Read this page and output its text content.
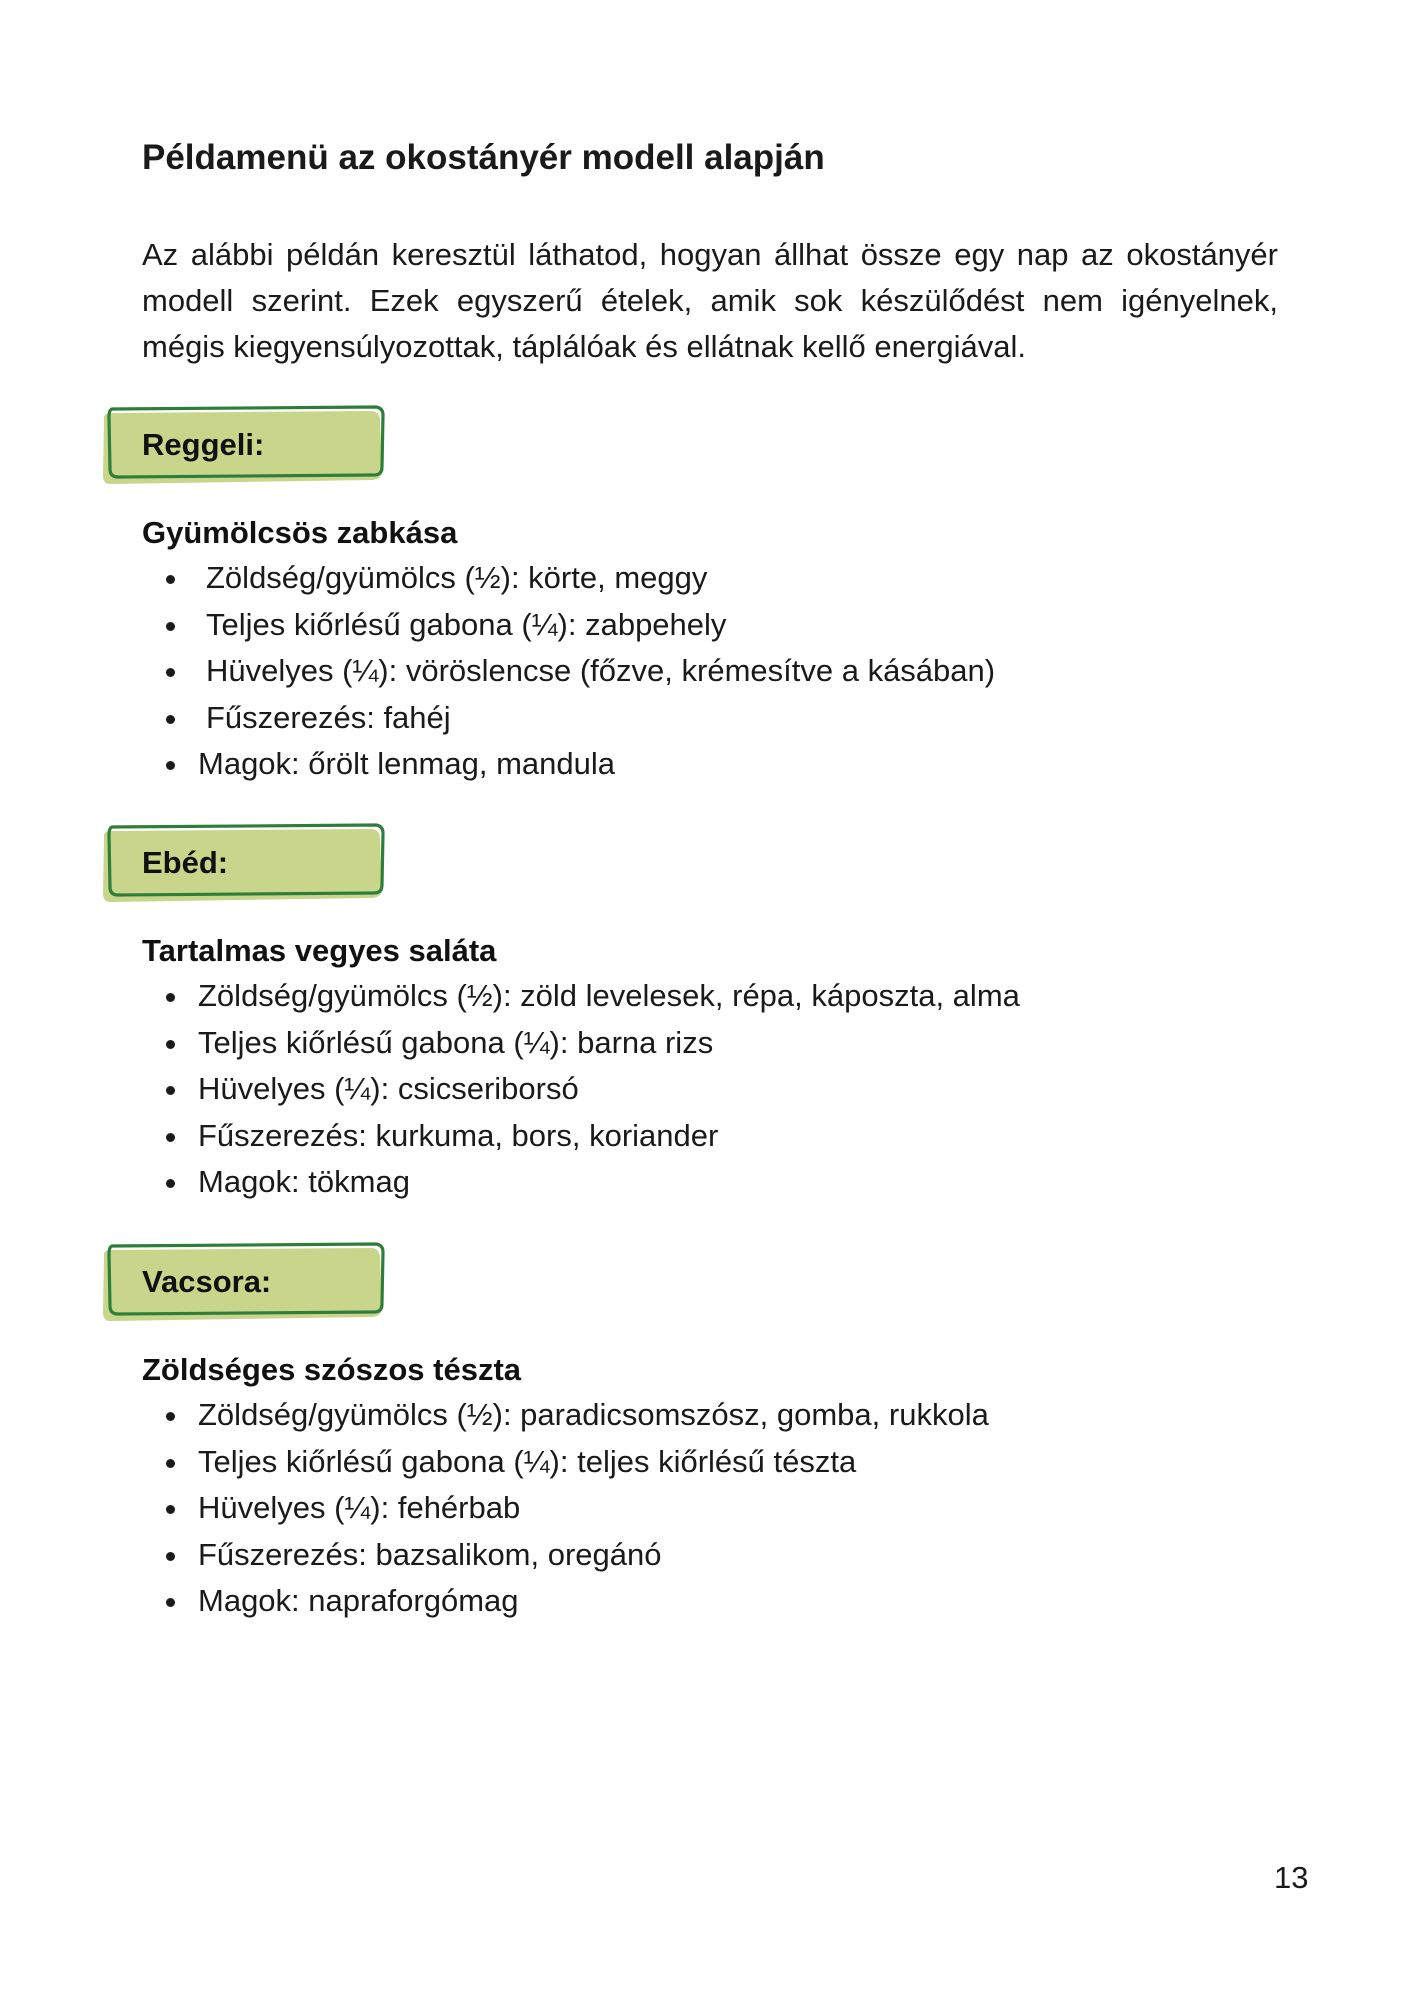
Példamenü az okostányér modell alapján

Az alábbi példán keresztül láthatod, hogyan állhat össze egy nap az okostányér modell szerint. Ezek egyszerű ételek, amik sok készülődést nem igényelnek, mégis kiegyensúlyozottak, táplálóak és ellátnak kellő energiával.

Reggeli:
Gyümölcsös zabkása
Zöldség/gyümölcs (½): körte, meggy
Teljes kiőrlésű gabona (¼): zabpehely
Hüvelyes (¼): vöröslencse (főzve, krémesítve a kásában)
Fűszerezés: fahéj
Magok: őrölt lenmag, mandula
Ebéd:
Tartalmas vegyes saláta
Zöldség/gyümölcs (½): zöld levelesek, répa, káposzta, alma
Teljes kiőrlésű gabona (¼): barna rizs
Hüvelyes (¼): csicseriborsó
Fűszerezés: kurkuma, bors, koriander
Magok: tökmag
Vacsora:
Zöldséges szószos tészta
Zöldség/gyümölcs (½): paradicsomszósz, gomba, rukkola
Teljes kiőrlésű gabona (¼): teljes kiőrlésű tészta
Hüvelyes (¼): fehérbab
Fűszerezés: bazsalikom, oregánó
Magok: napraforgómag
13
